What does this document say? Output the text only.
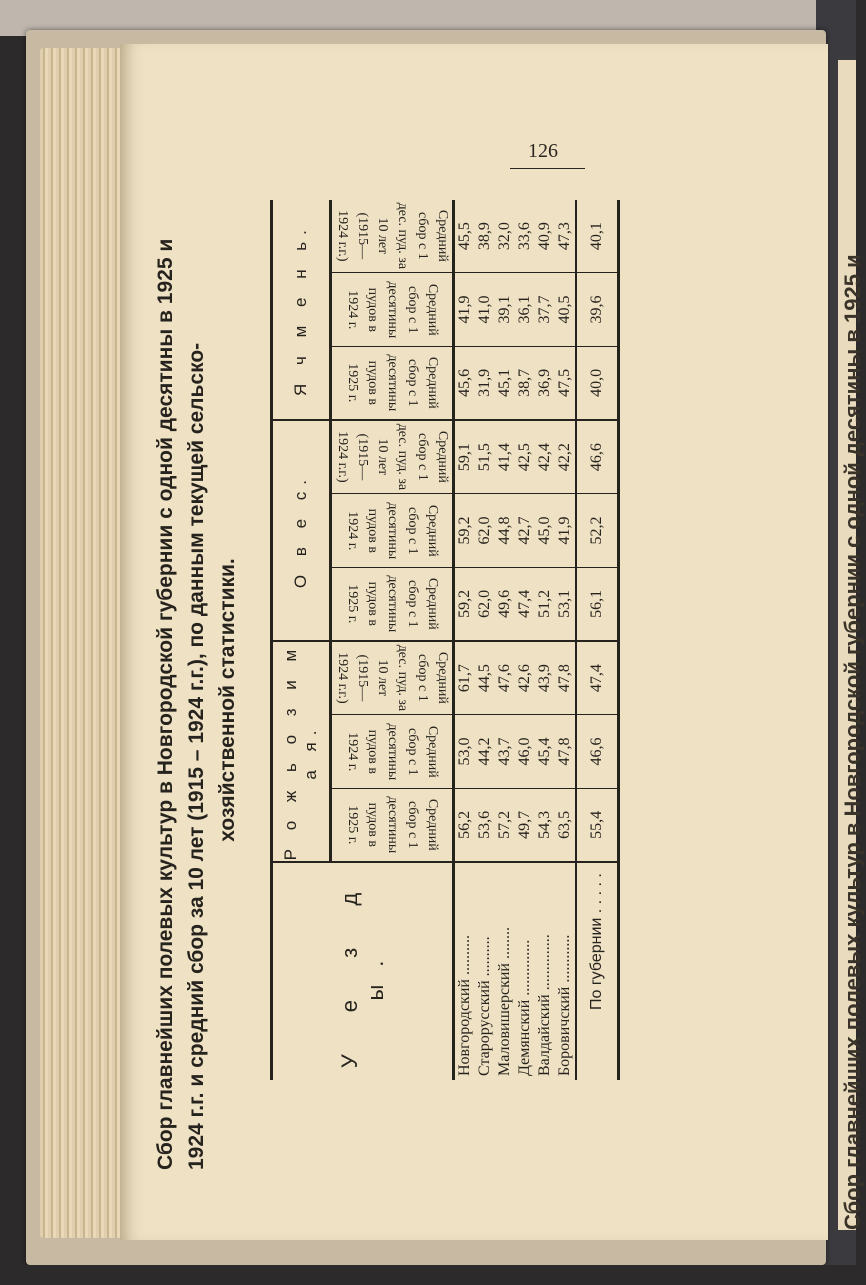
Сбор главнейших полевых культур в Новгородской губернии с одной десятины в 1925 и
126
Сбор главнейших полевых культур в Новгородской губернии с одной десятины в 1925 и 1924 г.г. и средний сбор за 10 лет (1915 – 1924 г.г.), по данным текущей сельско- хозяйственной статистики.
У е з д ы.	Р о ж ь о з и м а я.			О в е с.			Я ч м е н ь.		
	Средний сбор с 1 десятины пудов в 1925 г.	Средний сбор с 1 десятины пудов в 1924 г.	Средний сбор с 1 дес. пуд. за 10 лет (1915—1924 г.г.)	Средний сбор с 1 десятины пудов в 1925 г.	Средний сбор с 1 десятины пудов в 1924 г.	Средний сбор с 1 дес. пуд. за 10 лет (1915—1924 г.г.)	Средний сбор с 1 десятины пудов в 1925 г.	Средний сбор с 1 десятины пудов в 1924 г.	Средний сбор с 1 дес. пуд. за 10 лет (1915—1924 г.г.)
Новгородский ..........	56,2	53,0	61,7	59,2	59,2	59,1	45,6	41,9	45,5
Старорусский ..........	53,6	44,2	44,5	62,0	62,0	51,5	31,9	41,0	38,9
Маловишерский ........	57,2	43,7	47,6	49,6	44,8	41,4	45,1	39,1	32,0
Демянский ..............	49,7	46,0	42,6	47,4	42,7	42,5	38,7	36,1	33,6
Валдайский ..............	54,3	45,4	43,9	51,2	45,0	42,4	36,9	37,7	40,9
Боровичский ............	63,5	47,8	47,8	53,1	41,9	42,2	47,5	40,5	47,3
По губернии . . . . .	55,4	46,6	47,4	56,1	52,2	46,6	40,0	39,6	40,1
